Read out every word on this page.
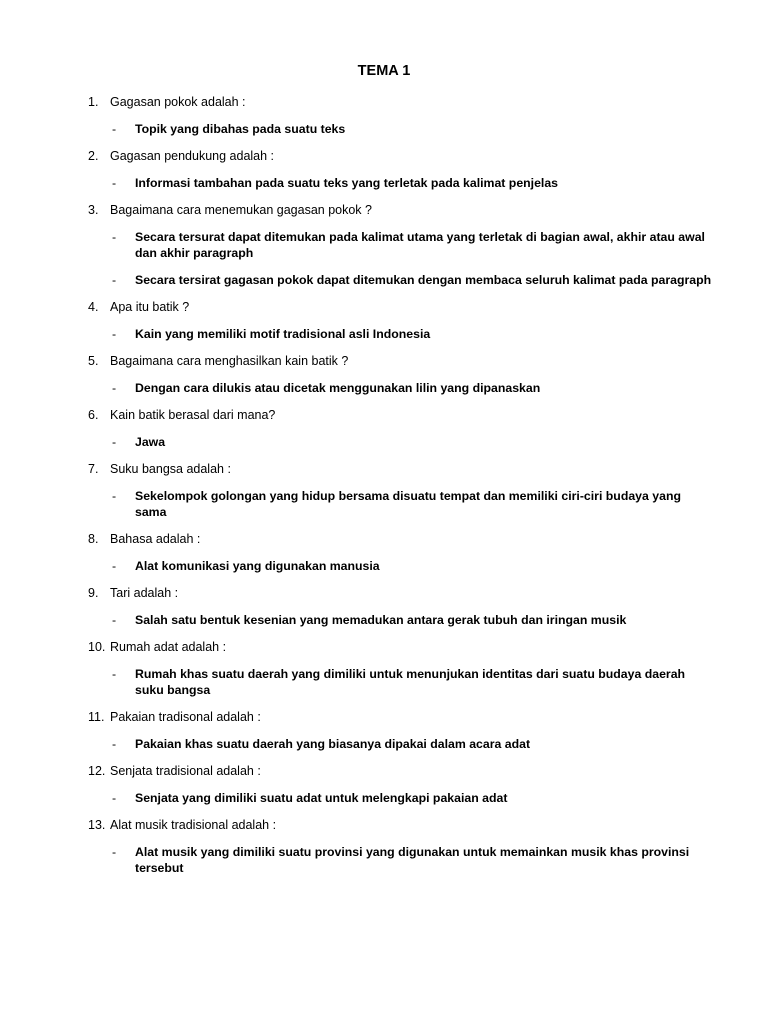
TEMA 1
1. Gagasan pokok adalah :
- Topik yang dibahas pada suatu teks
2. Gagasan pendukung adalah :
- Informasi tambahan pada suatu teks yang terletak pada kalimat penjelas
3. Bagaimana cara menemukan gagasan pokok ?
- Secara tersurat dapat ditemukan pada kalimat utama yang terletak di bagian awal, akhir atau awal dan akhir paragraph
- Secara tersirat gagasan pokok dapat ditemukan dengan membaca seluruh kalimat pada paragraph
4. Apa itu batik ?
- Kain yang memiliki motif tradisional asli Indonesia
5. Bagaimana cara menghasilkan kain batik ?
- Dengan cara dilukis atau dicetak menggunakan lilin yang dipanaskan
6. Kain batik berasal dari mana?
- Jawa
7. Suku bangsa adalah :
- Sekelompok golongan yang hidup bersama disuatu tempat dan memiliki ciri-ciri budaya yang sama
8. Bahasa adalah :
- Alat komunikasi yang digunakan manusia
9. Tari adalah :
- Salah satu bentuk kesenian yang memadukan antara gerak tubuh dan iringan musik
10. Rumah adat adalah :
- Rumah khas suatu daerah yang dimiliki untuk menunjukan identitas dari suatu budaya daerah suku bangsa
11. Pakaian tradisonal adalah :
- Pakaian khas suatu daerah yang biasanya dipakai dalam acara adat
12. Senjata tradisional adalah :
- Senjata yang dimiliki suatu adat untuk melengkapi pakaian adat
13. Alat musik tradisional adalah :
- Alat musik yang dimiliki suatu provinsi yang digunakan untuk memainkan musik khas provinsi tersebut
